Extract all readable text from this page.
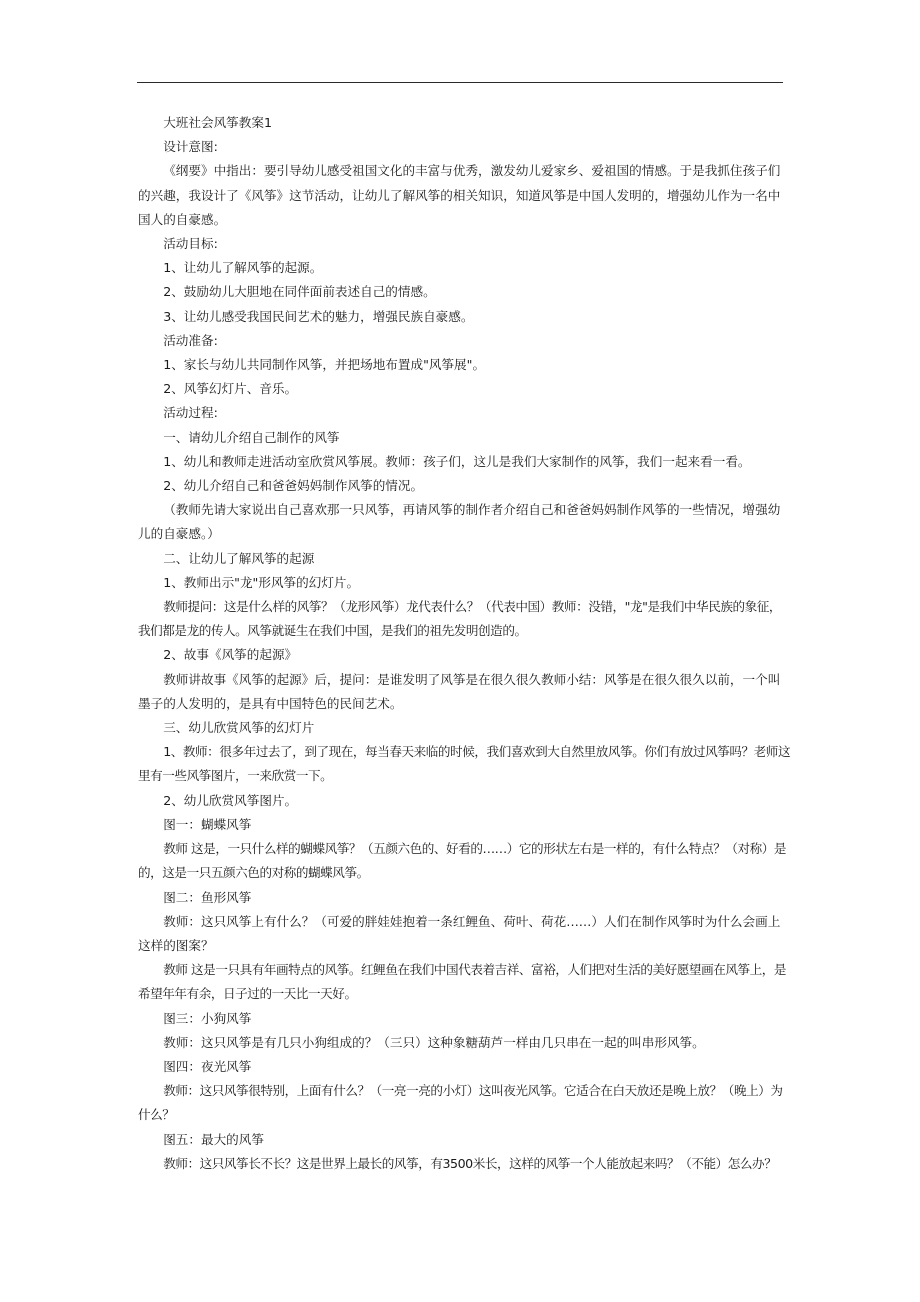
大班社会风筝教案1

设计意图:

《纲要》中指出：要引导幼儿感受祖国文化的丰富与优秀，激发幼儿爱家乡、爱祖国的情感。于是我抓住孩子们的兴趣，我设计了《风筝》这节活动，让幼儿了解风筝的相关知识，知道风筝是中国人发明的，增强幼儿作为一名中国人的自豪感。

活动目标:

1、让幼儿了解风筝的起源。

2、鼓励幼儿大胆地在同伴面前表述自己的情感。

3、让幼儿感受我国民间艺术的魅力，增强民族自豪感。

活动准备:

1、家长与幼儿共同制作风筝，并把场地布置成"风筝展"。

2、风筝幻灯片、音乐。

活动过程:

一、请幼儿介绍自己制作的风筝

1、幼儿和教师走进活动室欣赏风筝展。教师：孩子们，这儿是我们大家制作的风筝，我们一起来看一看。

2、幼儿介绍自己和爸爸妈妈制作风筝的情况。

（教师先请大家说出自己喜欢那一只风筝，再请风筝的制作者介绍自己和爸爸妈妈制作风筝的一些情况，增强幼儿的自豪感。）

二、让幼儿了解风筝的起源

1、教师出示"龙"形风筝的幻灯片。

教师提问：这是什么样的风筝？（龙形风筝）龙代表什么？（代表中国）教师：没错，"龙"是我们中华民族的象征，我们都是龙的传人。风筝就诞生在我们中国，是我们的祖先发明创造的。

2、故事《风筝的起源》

教师讲故事《风筝的起源》后，提问：是谁发明了风筝是在很久很久教师小结：风筝是在很久很久以前，一个叫墨子的人发明的，是具有中国特色的民间艺术。

三、幼儿欣赏风筝的幻灯片

1、教师：很多年过去了，到了现在，每当春天来临的时候，我们喜欢到大自然里放风筝。你们有放过风筝吗？老师这里有一些风筝图片，一来欣赏一下。

2、幼儿欣赏风筝图片。

图一：蝴蝶风筝

教师 这是，一只什么样的蝴蝶风筝？（五颜六色的、好看的……）它的形状左右是一样的，有什么特点？（对称）是的，这是一只五颜六色的对称的蝴蝶风筝。

图二：鱼形风筝

教师：这只风筝上有什么？（可爱的胖娃娃抱着一条红鲤鱼、荷叶、荷花……）人们在制作风筝时为什么会画上这样的图案？

教师 这是一只具有年画特点的风筝。红鲤鱼在我们中国代表着吉祥、富裕，人们把对生活的美好愿望画在风筝上，是希望年年有余，日子过的一天比一天好。

图三：小狗风筝

教师：这只风筝是有几只小狗组成的？（三只）这种象糖葫芦一样由几只串在一起的叫串形风筝。

图四：夜光风筝

教师：这只风筝很特别，上面有什么？（一亮一亮的小灯）这叫夜光风筝。它适合在白天放还是晚上放？（晚上）为什么？

图五：最大的风筝

教师：这只风筝长不长？这是世界上最长的风筝，有3500米长，这样的风筝一个人能放起来吗？（不能）怎么办？
